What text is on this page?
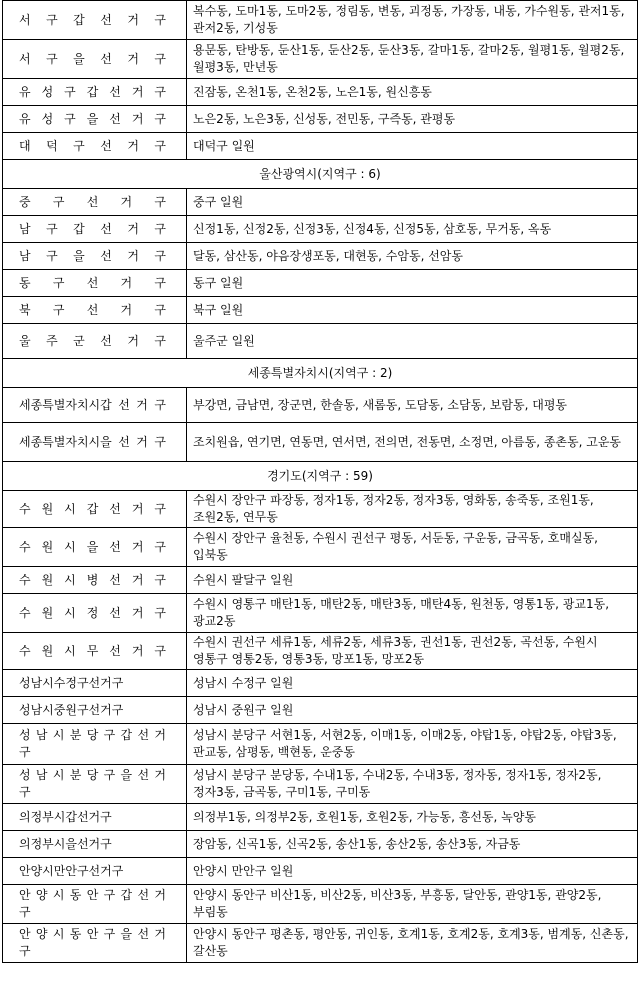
서 구 갑 선 거 구	복수동, 도마1동, 도마2동, 정림동, 변동, 괴정동, 가장동, 내동, 가수원동, 관저1동, 관저2동, 기성동
서 구 을 선 거 구	용문동, 탄방동, 둔산1동, 둔산2동, 둔산3동, 갈마1동, 갈마2동, 월평1동, 월평2동, 월평3동, 만년동
유 성 구 갑 선 거 구	진잠동, 온천1동, 온천2동, 노은1동, 원신흥동
유 성 구 을 선 거 구	노은2동, 노은3동, 신성동, 전민동, 구즉동, 관평동
대 덕 구 선 거 구	대덕구 일원
울산광역시(지역구 : 6)	
중 구 선 거 구	중구 일원
남 구 갑 선 거 구	신정1동, 신정2동, 신정3동, 신정4동, 신정5동, 삼호동, 무거동, 옥동
남 구 을 선 거 구	달동, 삼산동, 야음장생포동, 대현동, 수암동, 선암동
동 구 선 거 구	동구 일원
북 구 선 거 구	북구 일원
울 주 군 선 거 구	울주군 일원
세종특별자치시(지역구 : 2)	
세종특별자치시갑 선 거 구	부강면, 금남면, 장군면, 한솔동, 새롬동, 도담동, 소담동, 보람동, 대평동
세종특별자치시을 선 거 구	조치원읍, 연기면, 연동면, 연서면, 전의면, 전동면, 소정면, 아름동, 종촌동, 고운동
경기도(지역구 : 59)	
수 원 시 갑 선 거 구	수원시 장안구 파장동, 정자1동, 정자2동, 정자3동, 영화동, 송죽동, 조원1동, 조원2동, 연무동
수 원 시 을 선 거 구	수원시 장안구 율천동, 수원시 권선구 평동, 서둔동, 구운동, 금곡동, 호매실동, 입북동
수 원 시 병 선 거 구	수원시 팔달구 일원
수 원 시 정 선 거 구	수원시 영통구 매탄1동, 매탄2동, 매탄3동, 매탄4동, 원천동, 영통1동, 광교1동, 광교2동
수 원 시 무 선 거 구	수원시 권선구 세류1동, 세류2동, 세류3동, 권선1동, 권선2동, 곡선동, 수원시 영통구 영통2동, 영통3동, 망포1동, 망포2동
성남시수정구선거구	성남시 수정구 일원
성남시중원구선거구	성남시 중원구 일원
성 남 시 분 당 구 갑 선 거 구	성남시 분당구 서현1동, 서현2동, 이매1동, 이매2동, 야탑1동, 야탑2동, 야탑3동, 판교동, 삼평동, 백현동, 운중동
성 남 시 분 당 구 을 선 거 구	성남시 분당구 분당동, 수내1동, 수내2동, 수내3동, 정자동, 정자1동, 정자2동, 정자3동, 금곡동, 구미1동, 구미동
의정부시갑선거구	의정부1동, 의정부2동, 호원1동, 호원2동, 가능동, 흥선동, 녹양동
의정부시을선거구	장암동, 신곡1동, 신곡2동, 송산1동, 송산2동, 송산3동, 자금동
안양시만안구선거구	안양시 만안구 일원
안 양 시 동 안 구 갑 선 거 구	안양시 동안구 비산1동, 비산2동, 비산3동, 부흥동, 달안동, 관양1동, 관양2동, 부림동
안 양 시 동 안 구 을 선 거 구	안양시 동안구 평촌동, 평안동, 귀인동, 호계1동, 호계2동, 호계3동, 범계동, 신촌동, 갈산동
